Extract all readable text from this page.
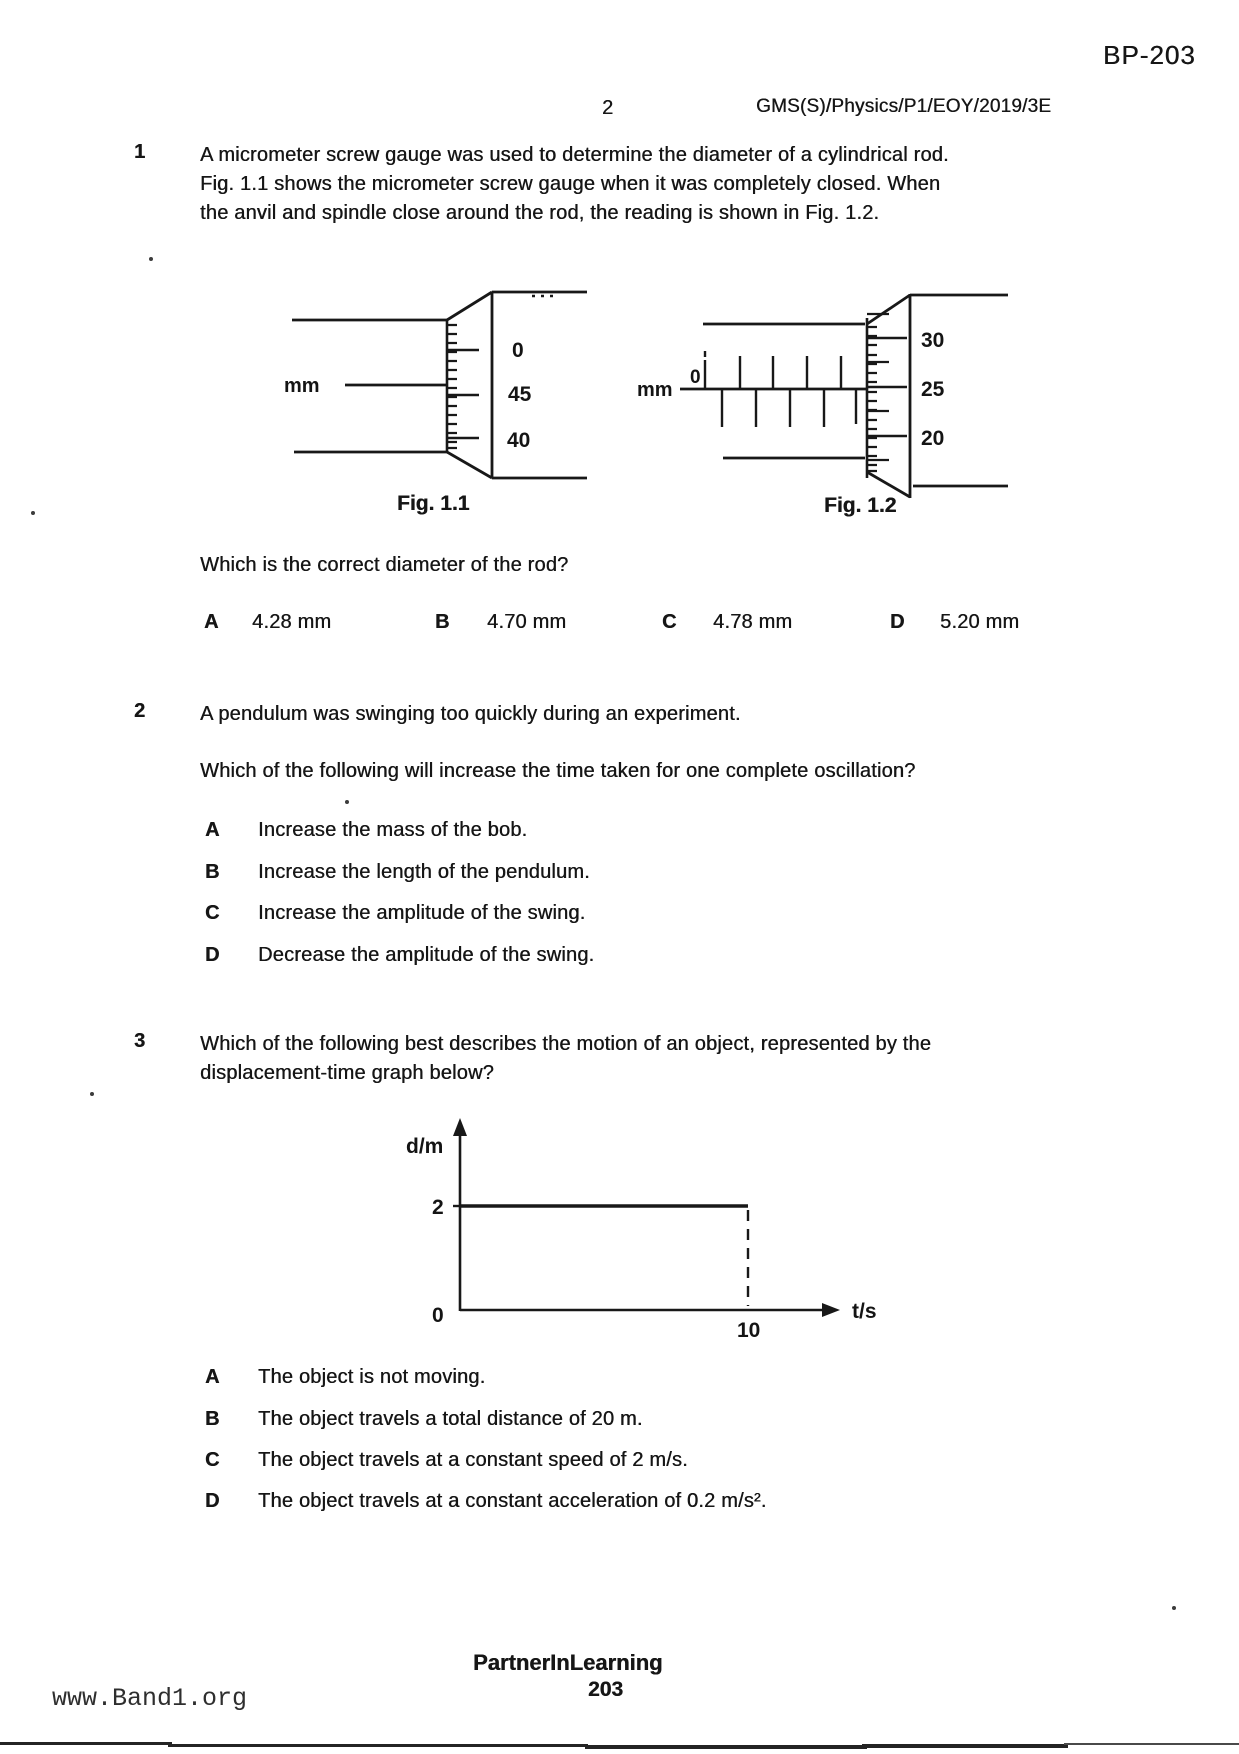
BP-203
2	GMS(S)/Physics/P1/EOY/2019/3E
1	A micrometer screw gauge was used to determine the diameter of a cylindrical rod.
Fig. 1.1 shows the micrometer screw gauge when it was completely closed. When
the anvil and spindle close around the rod, the reading is shown in Fig. 1.2.
mm
0
45
40
mm
0
30
25
20
Fig. 1.1	Fig. 1.2
Which is the correct diameter of the rod?
A 4.28 mm	B 4.70 mm	C 4.78 mm	D 5.20 mm
2	A pendulum was swinging too quickly during an experiment.
Which of the following will increase the time taken for one complete oscillation?
A	Increase the mass of the bob.
B	Increase the length of the pendulum.
C	Increase the amplitude of the swing.
D	Decrease the amplitude of the swing.
3	Which of the following best describes the motion of an object, represented by the
displacement-time graph below?
d/m
2
0
10
t/s
A	The object is not moving.
B	The object travels a total distance of 20 m.
C	The object travels at a constant speed of 2 m/s.
D	The object travels at a constant acceleration of 0.2 m/s².
PartnerInLearning
203
www.Band1.org
